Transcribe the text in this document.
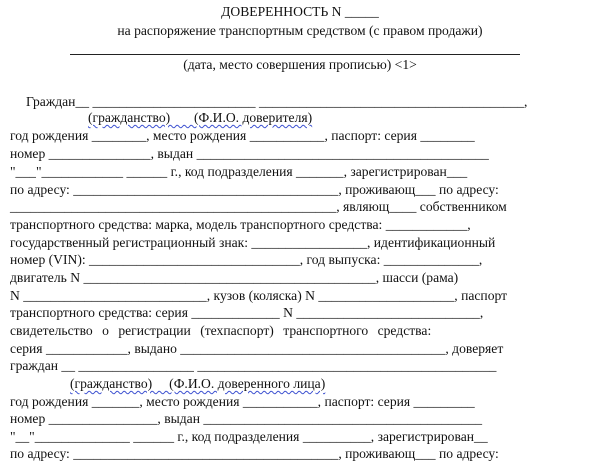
ДОВЕРЕННОСТЬ N _____
на распоряжение транспортным средством (с правом продажи)
(дата, место совершения прописью) <1>
Граждан__ ________________________ _______________________________________,
(гражданство)       (Ф.И.О. доверителя)
год рождения ________, место рождения ___________, паспорт: серия ________
номер _______________, выдан ___________________________________________
"___"____________ ______ г., код подразделения _______, зарегистрирован___
по адресу: _______________________________________, проживающ___ по адресу:
________________________________________________, являющ____ собственником
транспортного средства: марка, модель транспортного средства: ____________,
государственный регистрационный знак: _________________, идентификационный
номер (VIN): _______________________________, год выпуска: ______________,
двигатель N ___________________________________________, шасси (рама)
N ___________________________, кузов (коляска) N ____________________, паспорт
транспортного средства: серия _____________ N ___________________________,
свидетельство о регистрации (техпаспорт) транспортного средства:
серия ____________, выдано _______________________________________, доверяет
граждан __ _________________ ____________________________________________
(гражданство)     (Ф.И.О. доверенного лица)
год рождения _______, место рождения ___________, паспорт: серия _________
номер ________________, выдан _________________________________________
"__"______________ ______ г., код подразделения __________, зарегистрирован__
по адресу: _______________________________________, проживающ___ по адресу:
